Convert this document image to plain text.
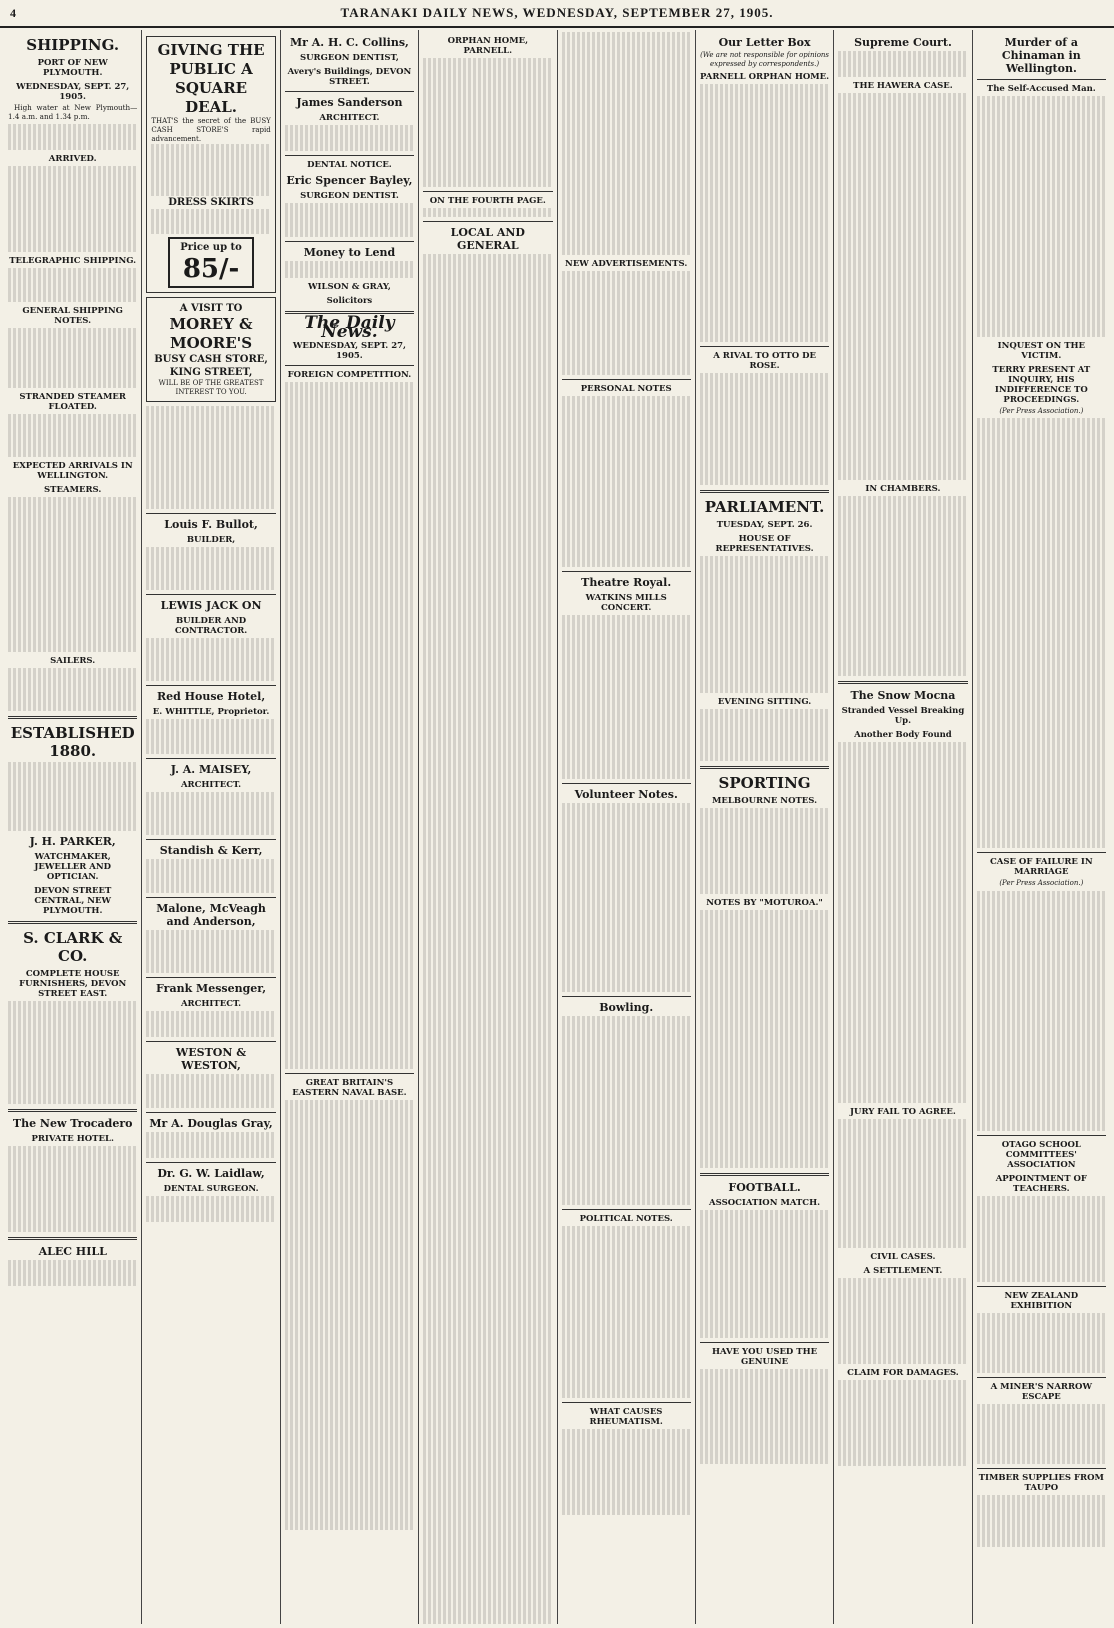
4	TARANAKI DAILY NEWS, WEDNESDAY, SEPTEMBER 27, 1905.
SHIPPING.
PORT OF NEW PLYMOUTH.
WEDNESDAY, SEPT. 27, 1905.

High water at New Plymouth—1.4 a.m. and 1.34 p.m.

ARRIVED.
TELEGRAPHIC SHIPPING.
GENERAL SHIPPING NOTES.
STRANDED STEAMER FLOATED.
EXPECTED ARRIVALS IN WELLINGTON.
STEAMERS.
SAILERS.
ESTABLISHED 1880.
J. H. PARKER,
WATCHMAKER, JEWELLER AND OPTICIAN.
DEVON STREET CENTRAL, NEW PLYMOUTH.
S. CLARK & CO.
COMPLETE HOUSE FURNISHERS, DEVON STREET EAST.
The New Trocadero
PRIVATE HOTEL.
ALEC HILL
GIVING THE PUBLIC A SQUARE DEAL.
THAT'S the secret of the BUSY CASH STORE'S rapid advancement.
DRESS SKIRTS
Price up to
85/-
A VISIT TO
MOREY & MOORE'S
BUSY CASH STORE,
KING STREET,
WILL BE OF THE GREATEST INTEREST TO YOU.
Louis F. Bullot,
BUILDER,
LEWIS JACK ON
BUILDER AND CONTRACTOR.
Red House Hotel,
E. WHITTLE, Proprietor.
J. A. MAISEY,
ARCHITECT.
Standish & Kerr,
Malone, McVeagh and Anderson,
Frank Messenger,
ARCHITECT.
WESTON & WESTON,
Mr A. Douglas Gray,
Dr. G. W. Laidlaw,
DENTAL SURGEON.
Mr A. H. C. Collins,
SURGEON DENTIST,
Avery's Buildings, DEVON STREET.
James Sanderson
ARCHITECT.
DENTAL NOTICE.
Eric Spencer Bayley,
SURGEON DENTIST.
Money to Lend
WILSON & GRAY,
Solicitors
The Daily News.
WEDNESDAY, SEPT. 27, 1905.
FOREIGN COMPETITION.
GREAT BRITAIN'S EASTERN NAVAL BASE.
ORPHAN HOME, PARNELL.
ON THE FOURTH PAGE.
LOCAL AND GENERAL
NEW ADVERTISEMENTS.
PERSONAL NOTES
Theatre Royal.
WATKINS MILLS CONCERT.
Volunteer Notes.
Bowling.
POLITICAL NOTES.
WHAT CAUSES RHEUMATISM.
Our Letter Box
(We are not responsible for opinions expressed by correspondents.)
PARNELL ORPHAN HOME.
A RIVAL TO OTTO DE ROSE.
PARLIAMENT.
TUESDAY, SEPT. 26.
HOUSE OF REPRESENTATIVES.
EVENING SITTING.
SPORTING
MELBOURNE NOTES.
NOTES BY "MOTUROA."
FOOTBALL.
ASSOCIATION MATCH.
HAVE YOU USED THE GENUINE
Supreme Court.
THE HAWERA CASE.
IN CHAMBERS.
The Snow Mocna
Stranded Vessel Breaking Up.
Another Body Found
JURY FAIL TO AGREE.
CIVIL CASES.
A SETTLEMENT.
CLAIM FOR DAMAGES.
Murder of a Chinaman in Wellington.
The Self-Accused Man.
INQUEST ON THE VICTIM.
TERRY PRESENT AT INQUIRY, HIS INDIFFERENCE TO PROCEEDINGS.
(Per Press Association.)
CASE OF FAILURE IN MARRIAGE
(Per Press Association.)
OTAGO SCHOOL COMMITTEES' ASSOCIATION
APPOINTMENT OF TEACHERS.
NEW ZEALAND EXHIBITION
A MINER'S NARROW ESCAPE
TIMBER SUPPLIES FROM TAUPO
